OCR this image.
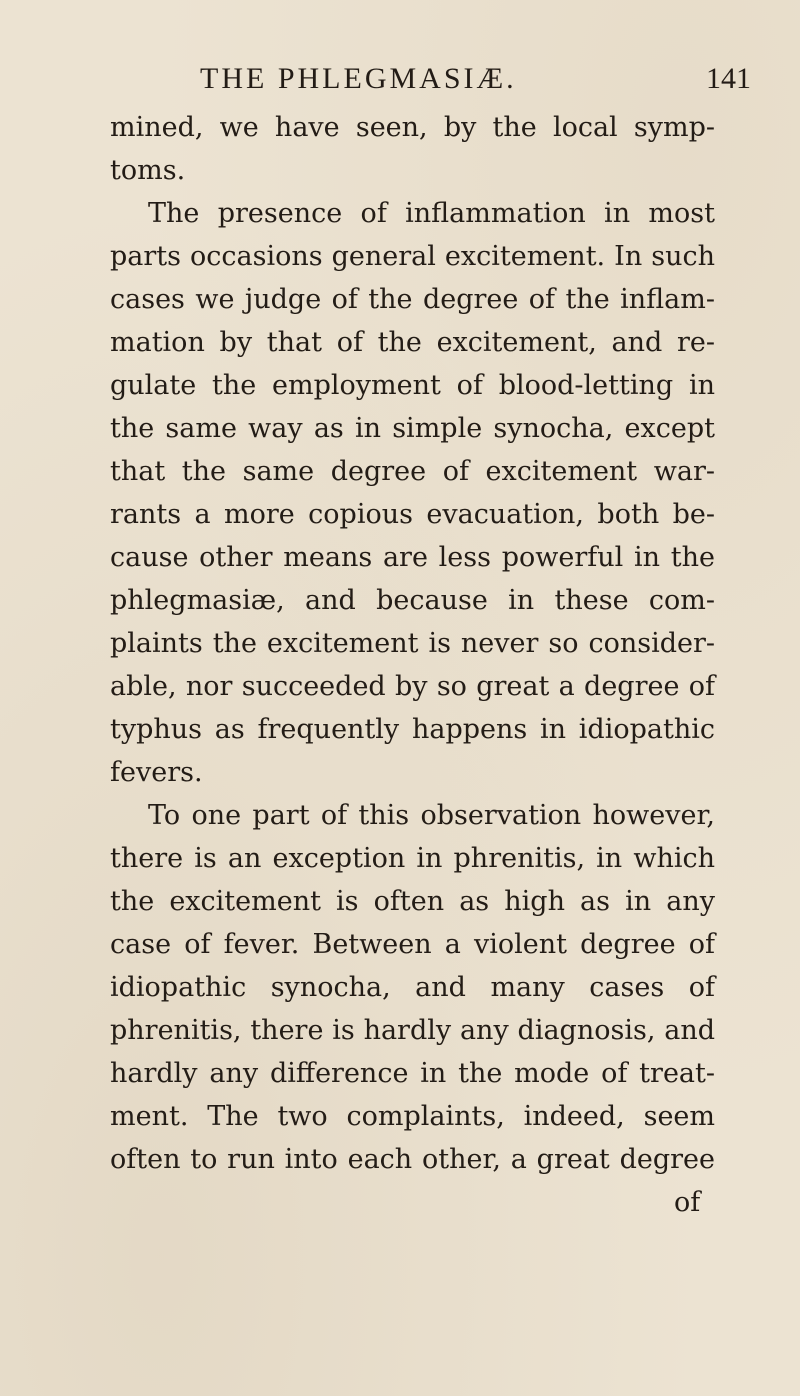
THE PHLEGMASIÆ.	141
mined, we have seen, by the local symp-
toms.
The presence of inflammation in most
parts occasions general excitement. In such
cases we judge of the degree of the inflam-
mation by that of the excitement, and re-
gulate the employment of blood-letting in
the same way as in simple synocha, except
that the same degree of excitement war-
rants a more copious evacuation, both be-
cause other means are less powerful in the
phlegmasiæ, and because in these com-
plaints the excitement is never so consider-
able, nor succeeded by so great a degree of
typhus as frequently happens in idiopathic
fevers.
To one part of this observation however,
there is an exception in phrenitis, in which
the excitement is often as high as in any
case of fever. Between a violent degree of
idiopathic synocha, and many cases of
phrenitis, there is hardly any diagnosis, and
hardly any difference in the mode of treat-
ment. The two complaints, indeed, seem
often to run into each other, a great degree
of
